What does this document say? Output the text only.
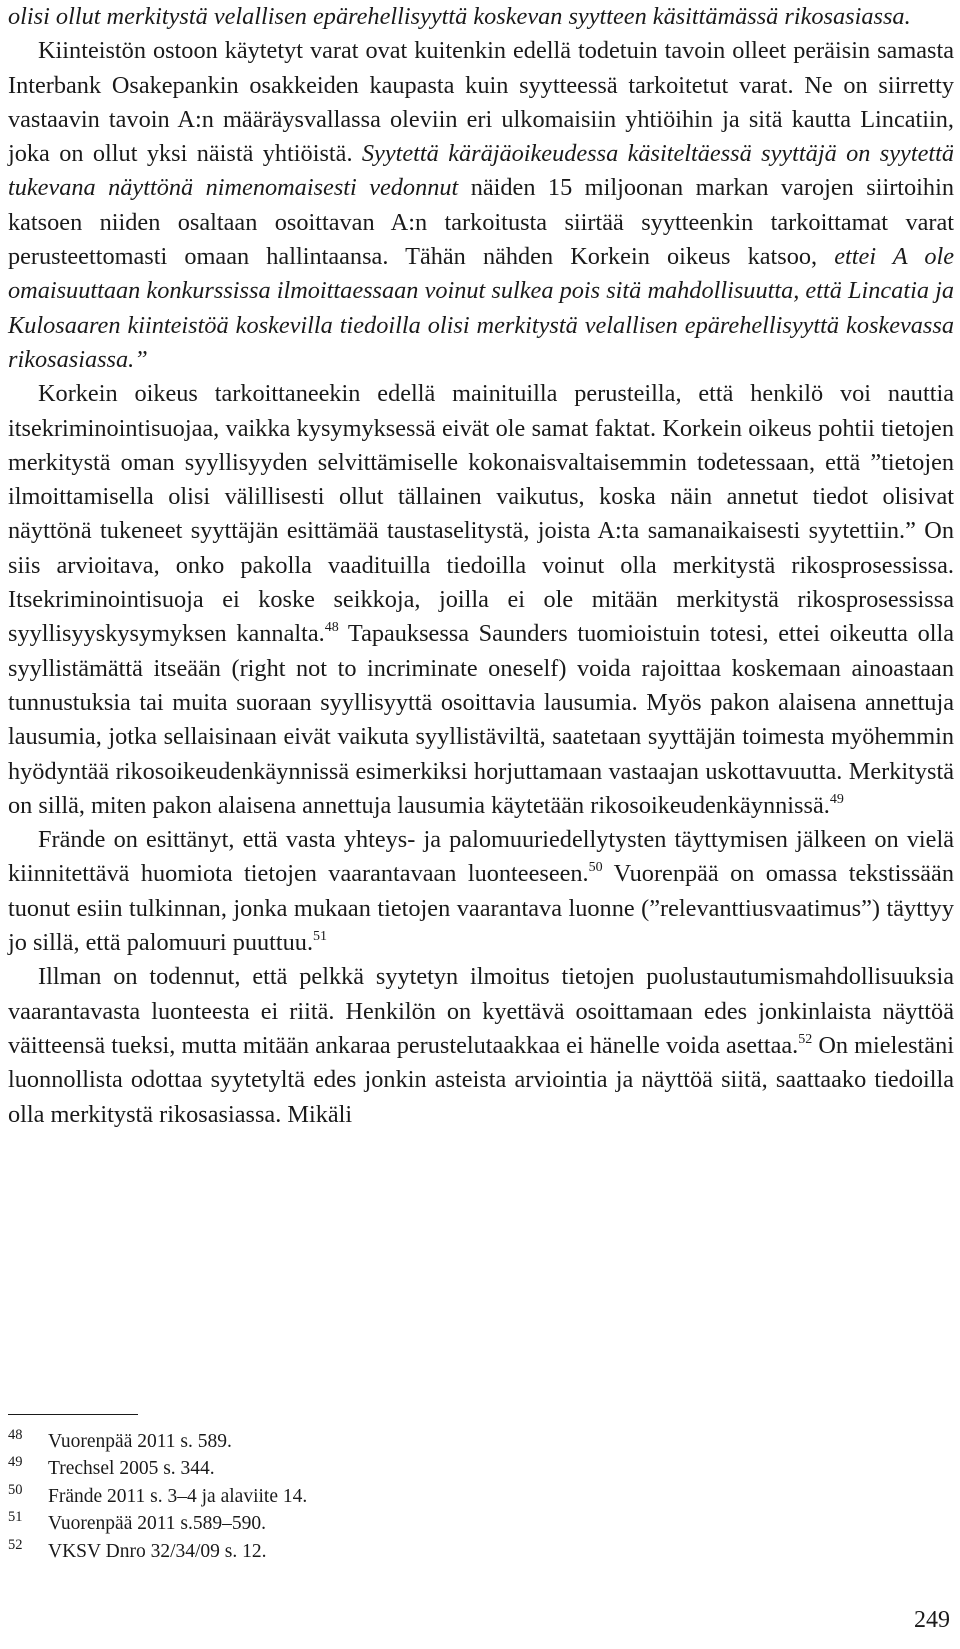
olisi ollut merkitystä velallisen epärehellisyyttä koskevan syytteen käsittämässä rikosasiassa.

Kiinteistön ostoon käytetyt varat ovat kuitenkin edellä todetuin tavoin olleet peräisin samasta Interbank Osakepankin osakkeiden kaupasta kuin syytteessä tarkoitetut varat. Ne on siirretty vastaavin tavoin A:n määräysvallassa oleviin eri ulkomaisiin yhtiöihin ja sitä kautta Lincatiin, joka on ollut yksi näistä yhtiöistä. Syytettä käräjäoikeudessa käsiteltäessä syyttäjä on syytettä tukevana näyttönä nimenomaisesti vedonnut näiden 15 miljoonan markan varojen siirtoihin katsoen niiden osaltaan osoittavan A:n tarkoitusta siirtää syytteenkin tarkoittamat varat perusteettomasti omaan hallintaansa. Tähän nähden Korkein oikeus katsoo, ettei A ole omaisuuttaan konkurssissa ilmoittaessaan voinut sulkea pois sitä mahdollisuutta, että Lincatia ja Kulosaaren kiinteistöä koskevilla tiedoilla olisi merkitystä velallisen epärehellisyyttä koskevassa rikosasiassa.”

Korkein oikeus tarkoittaneekin edellä mainituilla perusteilla, että henkilö voi nauttia itsekriminointisuojaa, vaikka kysymyksessä eivät ole samat faktat. Korkein oikeus pohtii tietojen merkitystä oman syyllisyyden selvittämiselle kokonaisvaltaisemmin todetessaan, että ”tietojen ilmoittamisella olisi välillisesti ollut tällainen vaikutus, koska näin annetut tiedot olisivat näyttönä tukeneet syyttäjän esittämää taustaselitystä, joista A:ta samanaikaisesti syytettiin.” On siis arvioitava, onko pakolla vaadituilla tiedoilla voinut olla merkitystä rikosprosessissa. Itsekriminointisuoja ei koske seikkoja, joilla ei ole mitään merkitystä rikosprosessissa syyllisyyskysymyksen kannalta.$^{48}$ Tapauksessa Saunders tuomioistuin totesi, ettei oikeutta olla syyllistämättä itseään (right not to incriminate oneself) voida rajoittaa koskemaan ainoastaan tunnustuksia tai muita suoraan syyllisyyttä osoittavia lausumia. Myös pakon alaisena annettuja lausumia, jotka sellaisinaan eivät vaikuta syyllistäviltä, saatetaan syyttäjän toimesta myöhemmin hyödyntää rikosoikeudenkäynnissä esimerkiksi horjuttamaan vastaajan uskottavuutta. Merkitystä on sillä, miten pakon alaisena annettuja lausumia käytetään rikosoikeudenkäynnissä.$^{49}$

Frände on esittänyt, että vasta yhteys- ja palomuuriedellytysten täyttymisen jälkeen on vielä kiinnitettävä huomiota tietojen vaarantavaan luonteeseen.$^{50}$ Vuorenpää on omassa tekstissään tuonut esiin tulkinnan, jonka mukaan tietojen vaarantava luonne (”relevanttiusvaatimus”) täyttyy jo sillä, että palomuuri puuttuu.$^{51}$

Illman on todennut, että pelkkä syytetyn ilmoitus tietojen puolustautumismahdollisuuksia vaarantavasta luonteesta ei riitä. Henkilön on kyettävä osoittamaan edes jonkinlaista näyttöä väitteensä tueksi, mutta mitään ankaraa perustelutaakkaa ei hänelle voida asettaa.$^{52}$ On mielestäni luonnollista odottaa syytetyltä edes jonkin asteista arviointia ja näyttöä siitä, saattaako tiedoilla olla merkitystä rikosasiassa. Mikäli

48 Vuorenpää 2011 s. 589.
49 Trechsel 2005 s. 344.
50 Frände 2011 s. 3–4 ja alaviite 14.
51 Vuorenpää 2011 s.589–590.
52 VKSV Dnro 32/34/09 s. 12.
249
